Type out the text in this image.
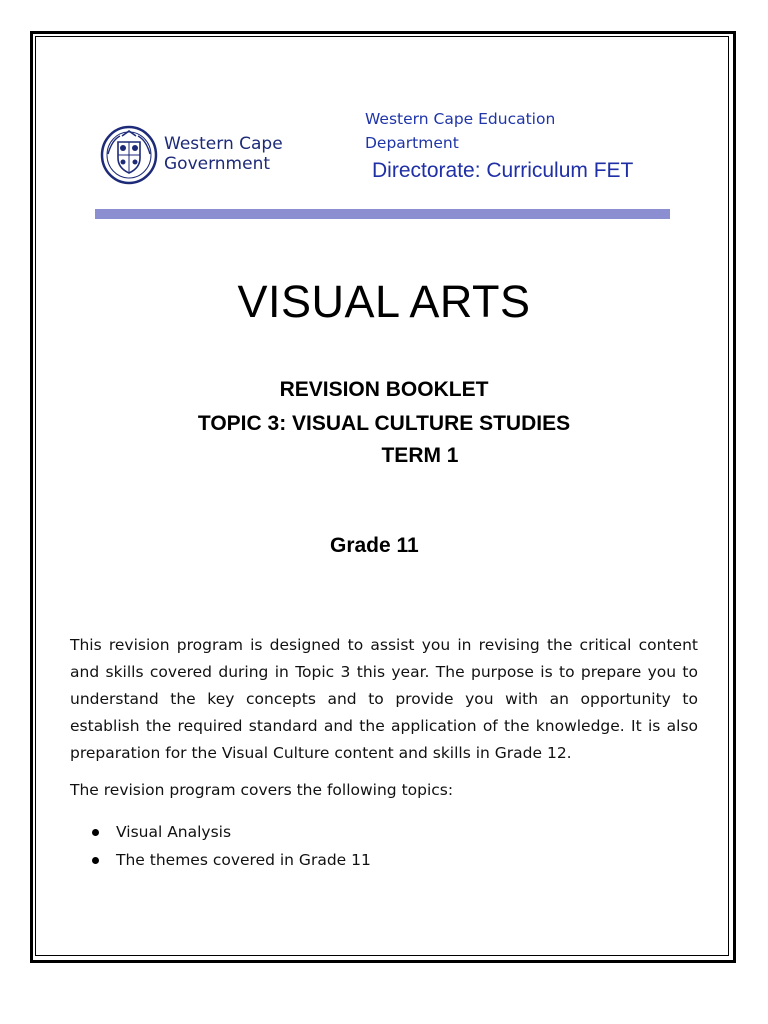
Western Cape
Government
Western Cape Education
Department
Directorate: Curriculum FET
VISUAL ARTS
REVISION BOOKLET
TOPIC 3: VISUAL CULTURE STUDIES
TERM 1
Grade 11

This revision program is designed to assist you in revising the critical content and skills covered during in Topic 3 this year. The purpose is to prepare you to understand the key concepts and to provide you with an opportunity to establish the required standard and the application of the knowledge. It is also preparation for the Visual Culture content and skills in Grade 12.

The revision program covers the following topics:

Visual Analysis
The themes covered in Grade 11
